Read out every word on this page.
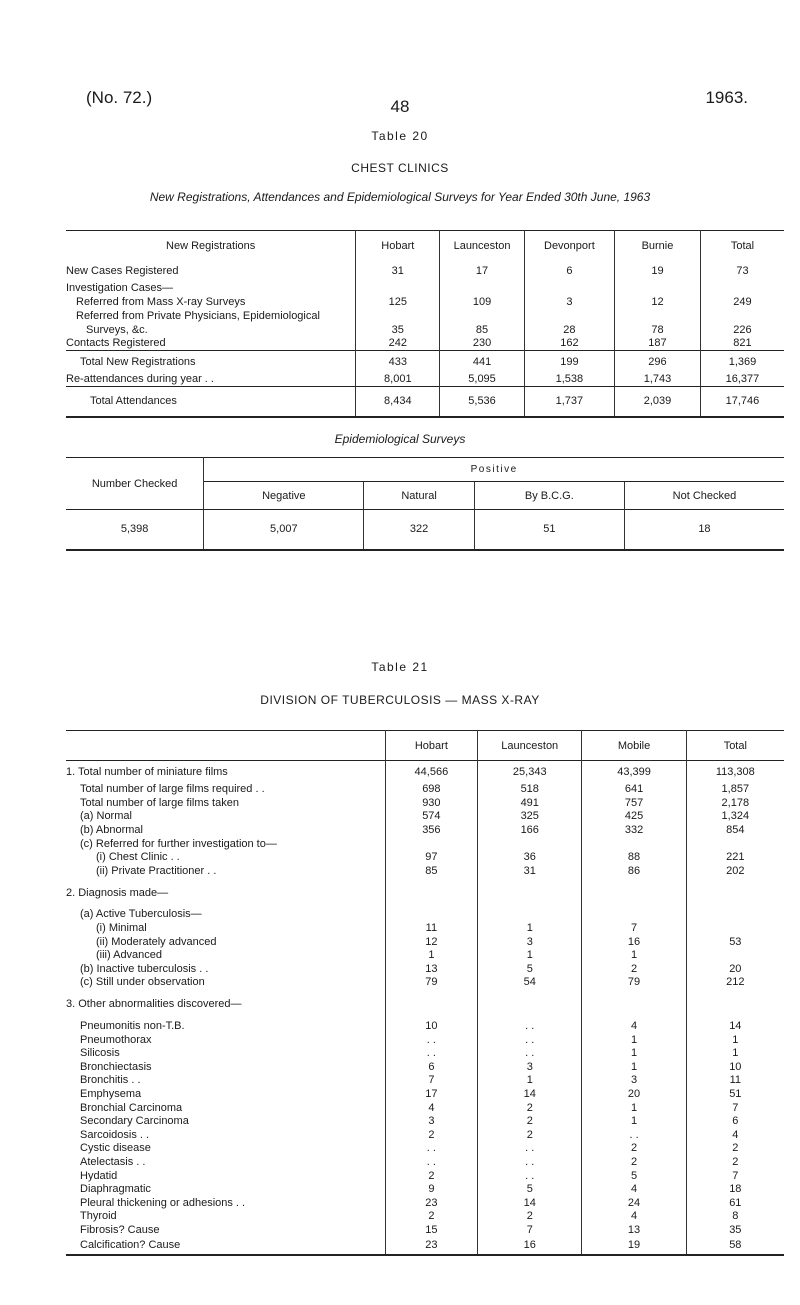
(No. 72.)	1963.
48
Table 20
CHEST CLINICS
New Registrations, Attendances and Epidemiological Surveys for Year Ended 30th June, 1963
New Registrations	Hobart	Launceston	Devonport	Burnie	Total
New Cases Registered	31	17	6	19	73
Investigation Cases—					
Referred from Mass X-ray Surveys	125	109	3	12	249
Referred from Private Physicians, Epidemiological					
Surveys, &c.	35	85	28	78	226
Contacts Registered	242	230	162	187	821
Total New Registrations	433	441	199	296	1,369
Re-attendances during year . .	8,001	5,095	1,538	1,743	16,377
Total Attendances	8,434	5,536	1,737	2,039	17,746
Epidemiological Surveys
Number Checked	Positive			
	Negative	Natural	By B.C.G.	Not Checked
5,398	5,007	322	51	18
Table 21
DIVISION OF TUBERCULOSIS — MASS X-RAY
	Hobart	Launceston	Mobile	Total
1. Total number of miniature films	44,566	25,343	43,399	113,308
Total number of large films required . .	698	518	641	1,857
Total number of large films taken	930	491	757	2,178
(a) Normal	574	325	425	1,324
(b) Abnormal	356	166	332	854
(c) Referred for further investigation to—				
(i) Chest Clinic . .	97	36	88	221
(ii) Private Practitioner . .	85	31	86	202
2. Diagnosis made—				
(a) Active Tuberculosis—				
(i) Minimal	11	1	7	
(ii) Moderately advanced	12	3	16	53
(iii) Advanced	1	1	1	
(b) Inactive tuberculosis . .	13	5	2	20
(c) Still under observation	79	54	79	212
3. Other abnormalities discovered—				
Pneumonitis non-T.B.	10	. .	4	14
Pneumothorax	. .	. .	1	1
Silicosis	. .	. .	1	1
Bronchiectasis	6	3	1	10
Bronchitis . .	7	1	3	11
Emphysema	17	14	20	51
Bronchial Carcinoma	4	2	1	7
Secondary Carcinoma	3	2	1	6
Sarcoidosis . .	2	2	. .	4
Cystic disease	. .	. .	2	2
Atelectasis . .	. .	. .	2	2
Hydatid	2	. .	5	7
Diaphragmatic	9	5	4	18
Pleural thickening or adhesions . .	23	14	24	61
Thyroid	2	2	4	8
Fibrosis? Cause	15	7	13	35
Calcification? Cause	23	16	19	58
